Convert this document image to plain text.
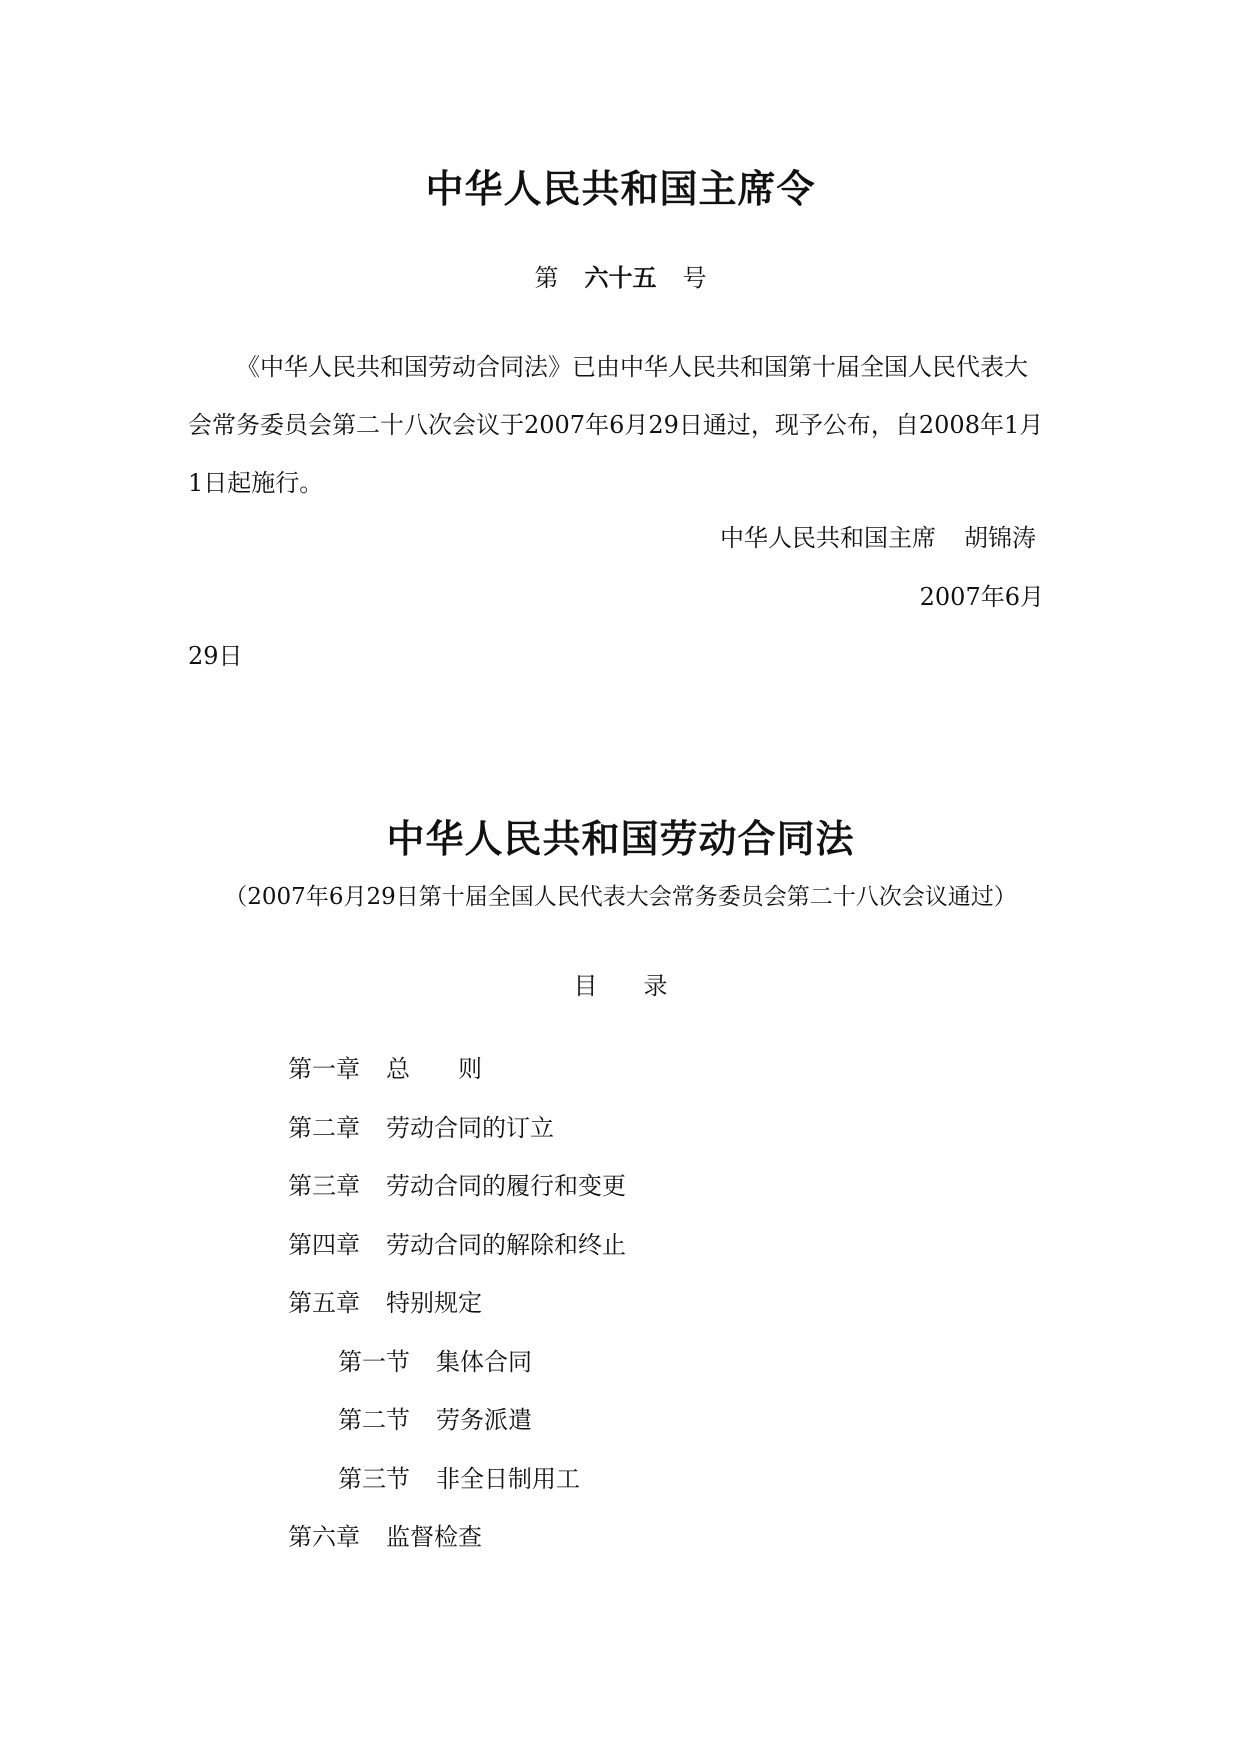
中华人民共和国主席令
第 六十五 号
《中华人民共和国劳动合同法》已由中华人民共和国第十届全国人民代表大会常务委员会第二十八次会议于2007年6月29日通过，现予公布，自2008年1月1日起施行。
中华人民共和国主席 胡锦涛
2007年6月
29日
中华人民共和国劳动合同法
（2007年6月29日第十届全国人民代表大会常务委员会第二十八次会议通过）
目 录
第一章 总　　则
第二章 劳动合同的订立
第三章 劳动合同的履行和变更
第四章 劳动合同的解除和终止
第五章 特别规定
第一节 集体合同
第二节 劳务派遣
第三节 非全日制用工
第六章 监督检查
